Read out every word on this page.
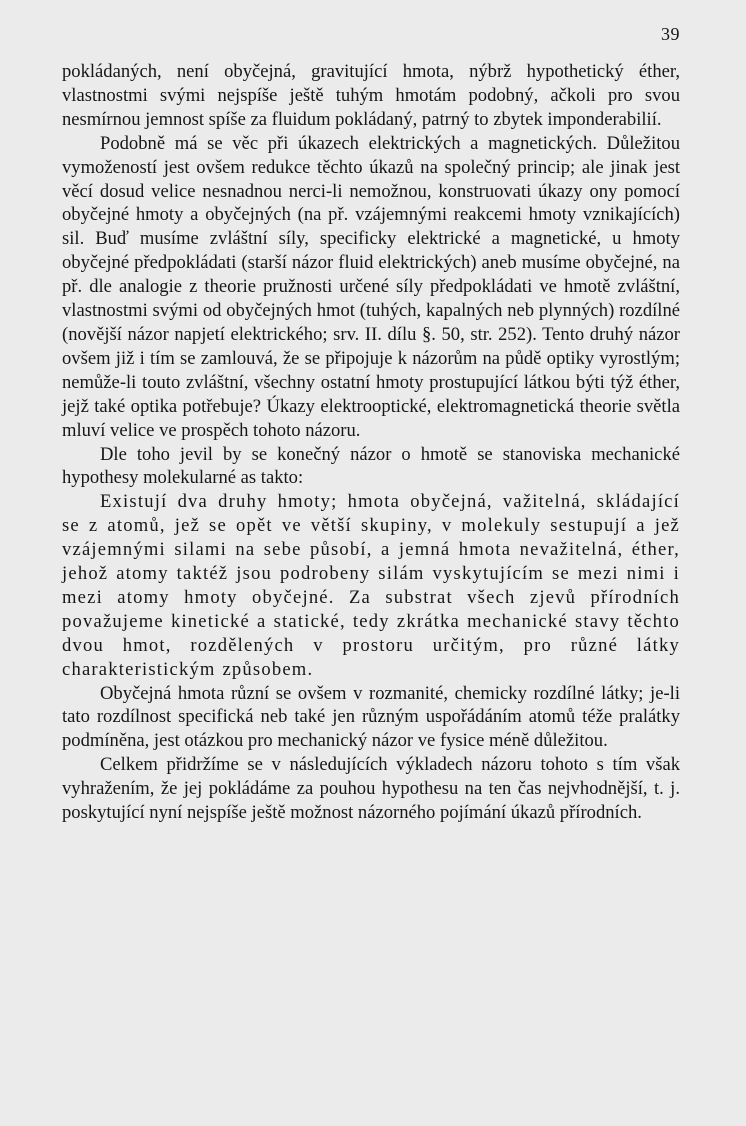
39

pokládaných, není obyčejná, gravitující hmota, nýbrž hypothetický éther, vlastnostmi svými nejspíše ještě tuhým hmotám podobný, ačkoli pro svou nesmírnou jemnost spíše za fluidum pokládaný, patrný to zbytek imponderabilií.

Podobně má se věc při úkazech elektrických a magnetických. Důležitou vymožeností jest ovšem redukce těchto úkazů na společný princip; ale jinak jest věcí dosud velice nesnadnou nerci-li nemožnou, konstruovati úkazy ony pomocí obyčejné hmoty a obyčejných (na př. vzájemnými reakcemi hmoty vznikajících) sil. Buď musíme zvláštní síly, specificky elektrické a magnetické, u hmoty obyčejné předpokládati (starší názor fluid elektrických) aneb musíme obyčejné, na př. dle analogie z theorie pružnosti určené síly předpokládati ve hmotě zvláštní, vlastnostmi svými od obyčejných hmot (tuhých, kapalných neb plynných) rozdílné (novější názor napjetí elektrického; srv. II. dílu §. 50, str. 252). Tento druhý názor ovšem již i tím se zamlouvá, že se připojuje k názorům na půdě optiky vyrostlým; nemůže-li touto zvláštní, všechny ostatní hmoty prostupující látkou býti týž éther, jejž také optika potřebuje? Úkazy elektrooptické, elektromagnetická theorie světla mluví velice ve prospěch tohoto názoru.

Dle toho jevil by se konečný názor o hmotě se stanoviska mechanické hypothesy molekularné as takto:

Existují dva druhy hmoty; hmota obyčejná, važitelná, skládající se z atomů, jež se opět ve větší skupiny, v molekuly sestupují a jež vzájemnými silami na sebe působí, a jemná hmota nevažitelná, éther, jehož atomy taktéž jsou podrobeny silám vyskytujícím se mezi nimi i mezi atomy hmoty obyčejné. Za substrat všech zjevů přírodních považujeme kinetické a statické, tedy zkrátka mechanické stavy těchto dvou hmot, rozdělených v prostoru určitým, pro různé látky charakteristickým způsobem.

Obyčejná hmota různí se ovšem v rozmanité, chemicky rozdílné látky; je-li tato rozdílnost specifická neb také jen různým uspořádáním atomů téže pralátky podmíněna, jest otázkou pro mechanický názor ve fysice méně důležitou.

Celkem přidržíme se v následujících výkladech názoru tohoto s tím však vyhražením, že jej pokládáme za pouhou hypothesu na ten čas nejvhodnější, t. j. poskytující nyní nejspíše ještě možnost názorného pojímání úkazů přírodních.
